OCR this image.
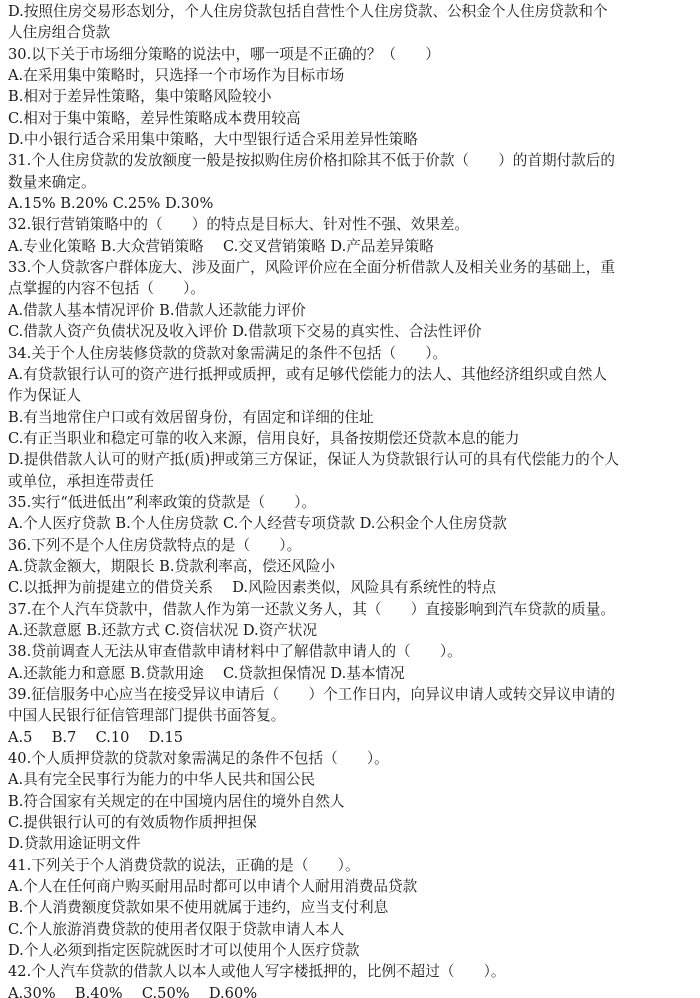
D.按照住房交易形态划分，个人住房贷款包括自营性个人住房贷款、公积金个人住房贷款和个
人住房组合贷款
30.以下关于市场细分策略的说法中，哪一项是不正确的？（　　）
A.在采用集中策略时，只选择一个市场作为目标市场
B.相对于差异性策略，集中策略风险较小
C.相对于集中策略，差异性策略成本费用较高
D.中小银行适合采用集中策略，大中型银行适合采用差异性策略
31.个人住房贷款的发放额度一般是按拟购住房价格扣除其不低于价款（　　）的首期付款后的
数量来确定。
A.15% B.20% C.25% D.30%
32.银行营销策略中的（　　）的特点是目标大、针对性不强、效果差。
A.专业化策略 B.大众营销策略　 C.交叉营销策略 D.产品差异策略
33.个人贷款客户群体庞大、涉及面广，风险评价应在全面分析借款人及相关业务的基础上，重
点掌握的内容不包括（　　）。
A.借款人基本情况评价 B.借款人还款能力评价
C.借款人资产负债状况及收入评价 D.借款项下交易的真实性、合法性评价
34.关于个人住房装修贷款的贷款对象需满足的条件不包括（　　）。
A.有贷款银行认可的资产进行抵押或质押，或有足够代偿能力的法人、其他经济组织或自然人
作为保证人
B.有当地常住户口或有效居留身份，有固定和详细的住址
C.有正当职业和稳定可靠的收入来源，信用良好，具备按期偿还贷款本息的能力
D.提供借款人认可的财产抵(质)押或第三方保证，保证人为贷款银行认可的具有代偿能力的个人
或单位，承担连带责任
35.实行“低进低出”利率政策的贷款是（　　）。
A.个人医疗贷款 B.个人住房贷款 C.个人经营专项贷款 D.公积金个人住房贷款
36.下列不是个人住房贷款特点的是（　　）。
A.贷款金额大，期限长 B.贷款利率高，偿还风险小
C.以抵押为前提建立的借贷关系　 D.风险因素类似，风险具有系统性的特点
37.在个人汽车贷款中，借款人作为第一还款义务人，其（　　）直接影响到汽车贷款的质量。
A.还款意愿 B.还款方式 C.资信状况 D.资产状况
38.贷前调查人无法从审查借款申请材料中了解借款申请人的（　　）。
A.还款能力和意愿 B.贷款用途　 C.贷款担保情况 D.基本情况
39.征信服务中心应当在接受异议申请后（　　）个工作日内，向异议申请人或转交异议申请的
中国人民银行征信管理部门提供书面答复。
A.5　 B.7　 C.10　 D.15
40.个人质押贷款的贷款对象需满足的条件不包括（　　）。
A.具有完全民事行为能力的中华人民共和国公民
B.符合国家有关规定的在中国境内居住的境外自然人
C.提供银行认可的有效质物作质押担保
D.贷款用途证明文件
41.下列关于个人消费贷款的说法，正确的是（　　）。
A.个人在任何商户购买耐用品时都可以申请个人耐用消费品贷款
B.个人消费额度贷款如果不使用就属于违约，应当支付利息
C.个人旅游消费贷款的使用者仅限于贷款申请人本人
D.个人必须到指定医院就医时才可以使用个人医疗贷款
42.个人汽车贷款的借款人以本人或他人写字楼抵押的，比例不超过（　　）。
A.30%　 B.40%　 C.50%　 D.60%
